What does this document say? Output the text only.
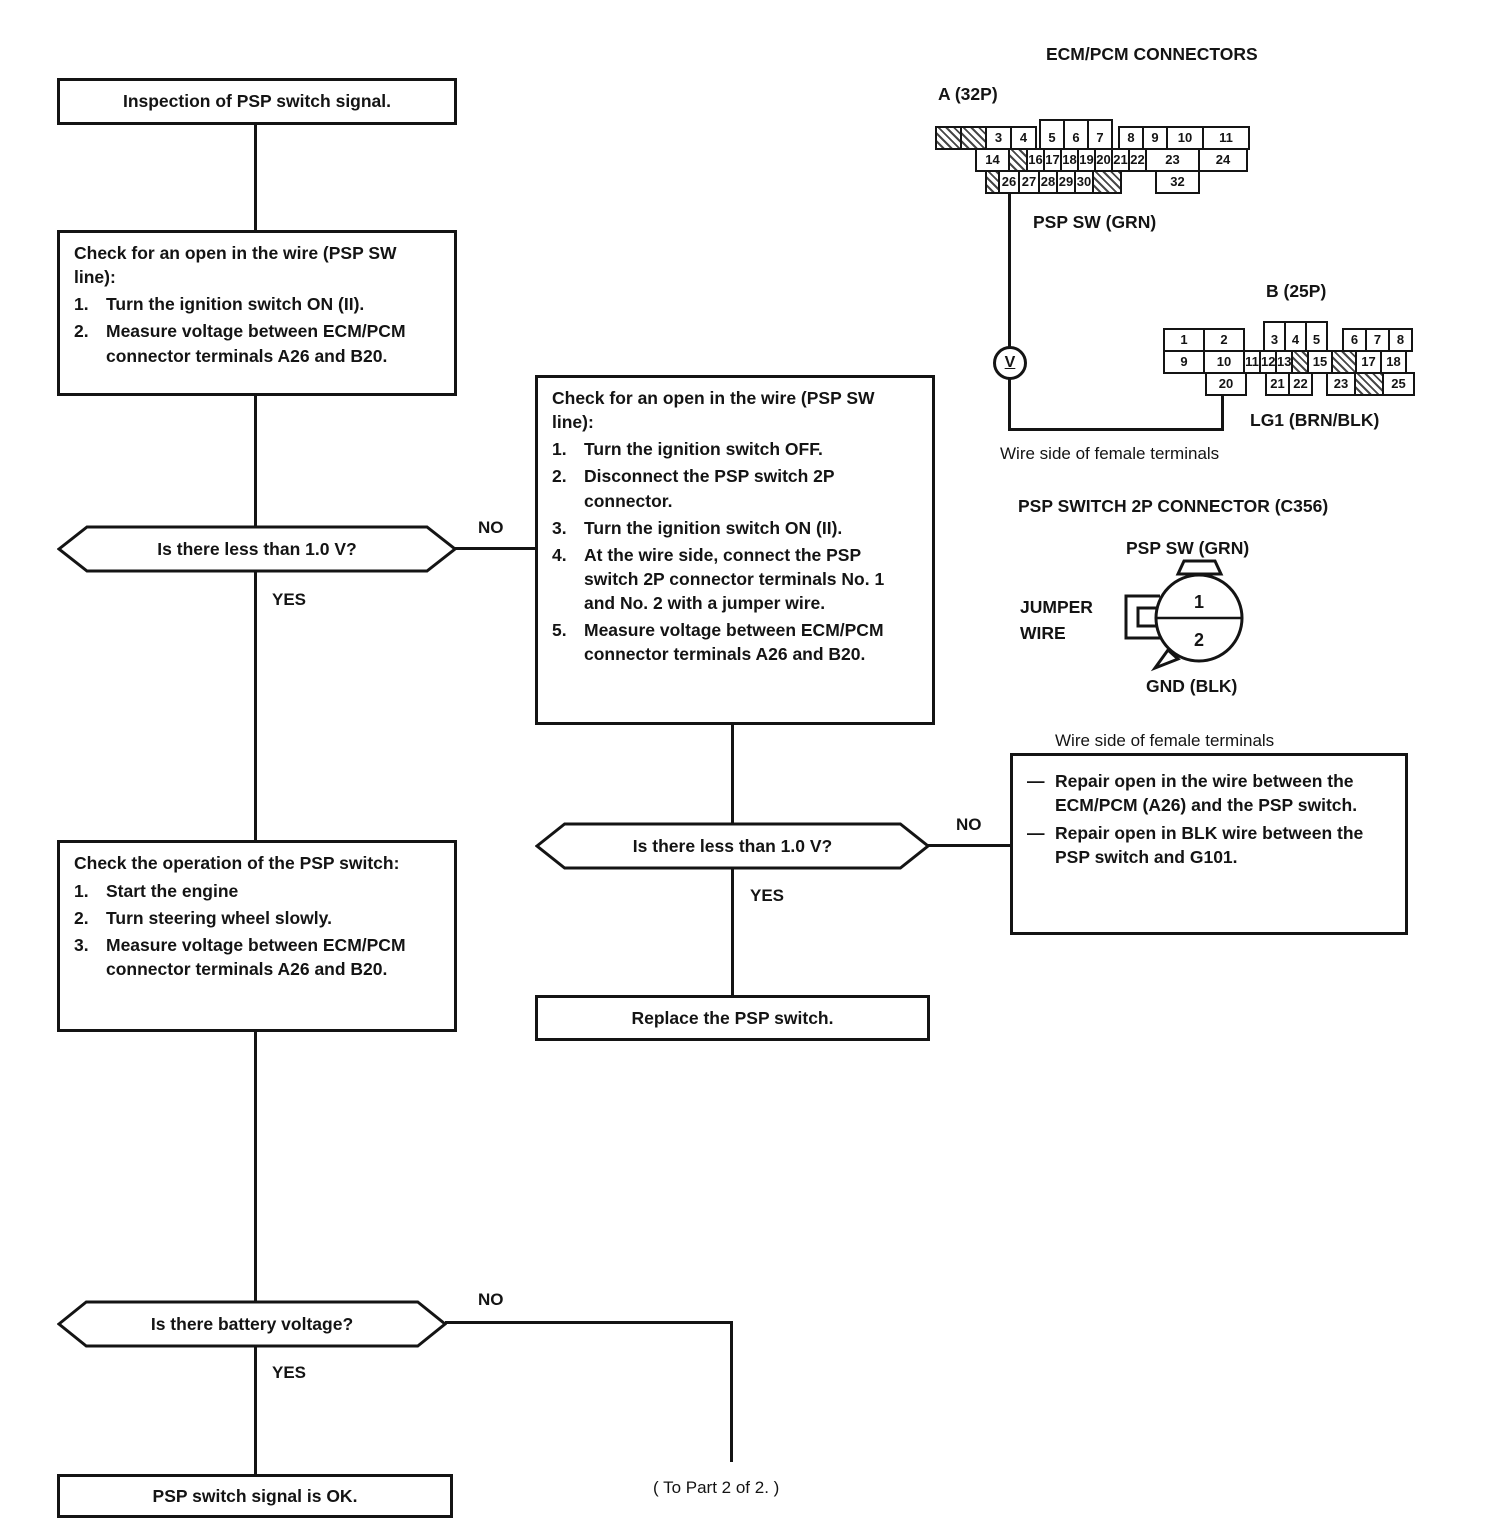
Inspection of PSP switch signal.
Check for an open in the wire (PSP SW line):
1. Turn the ignition switch ON (II).
2. Measure voltage between ECM/PCM connector terminals A26 and B20.
Is there less than 1.0 V?
NO
YES
Check for an open in the wire (PSP SW line):
1. Turn the ignition switch OFF.
2. Disconnect the PSP switch 2P connector.
3. Turn the ignition switch ON (II).
4. At the wire side, connect the PSP switch 2P connector terminals No. 1 and No. 2 with a jumper wire.
5. Measure voltage between ECM/PCM connector terminals A26 and B20.
Is there less than 1.0 V?
NO
YES
Wire side of female terminals
— Repair open in the wire between the ECM/PCM (A26) and the PSP switch.
— Repair open in BLK wire between the PSP switch and G101.
Replace the PSP switch.
Check the operation of the PSP switch:
1. Start the engine
2. Turn steering wheel slowly.
3. Measure voltage between ECM/PCM connector terminals A26 and B20.
Is there battery voltage?
NO
YES
PSP switch signal is OK.	( To Part 2 of 2. )
ECM/PCM CONNECTORS
A (32P)
3	4	5	6	7	8	9	10	11
14	16 17 18 19 20 21 22	23	24
26 27 28 29 30	32
PSP SW (GRN)
V
B (25P)
1	2	3	4	5	6	7	8
9	10	11 12 13	15	17 18
20	21 22	23	25
LG1 (BRN/BLK)
Wire side of female terminals
PSP SWITCH 2P CONNECTOR (C356)
PSP SW (GRN)
JUMPER
WIRE
1
2
GND (BLK)
